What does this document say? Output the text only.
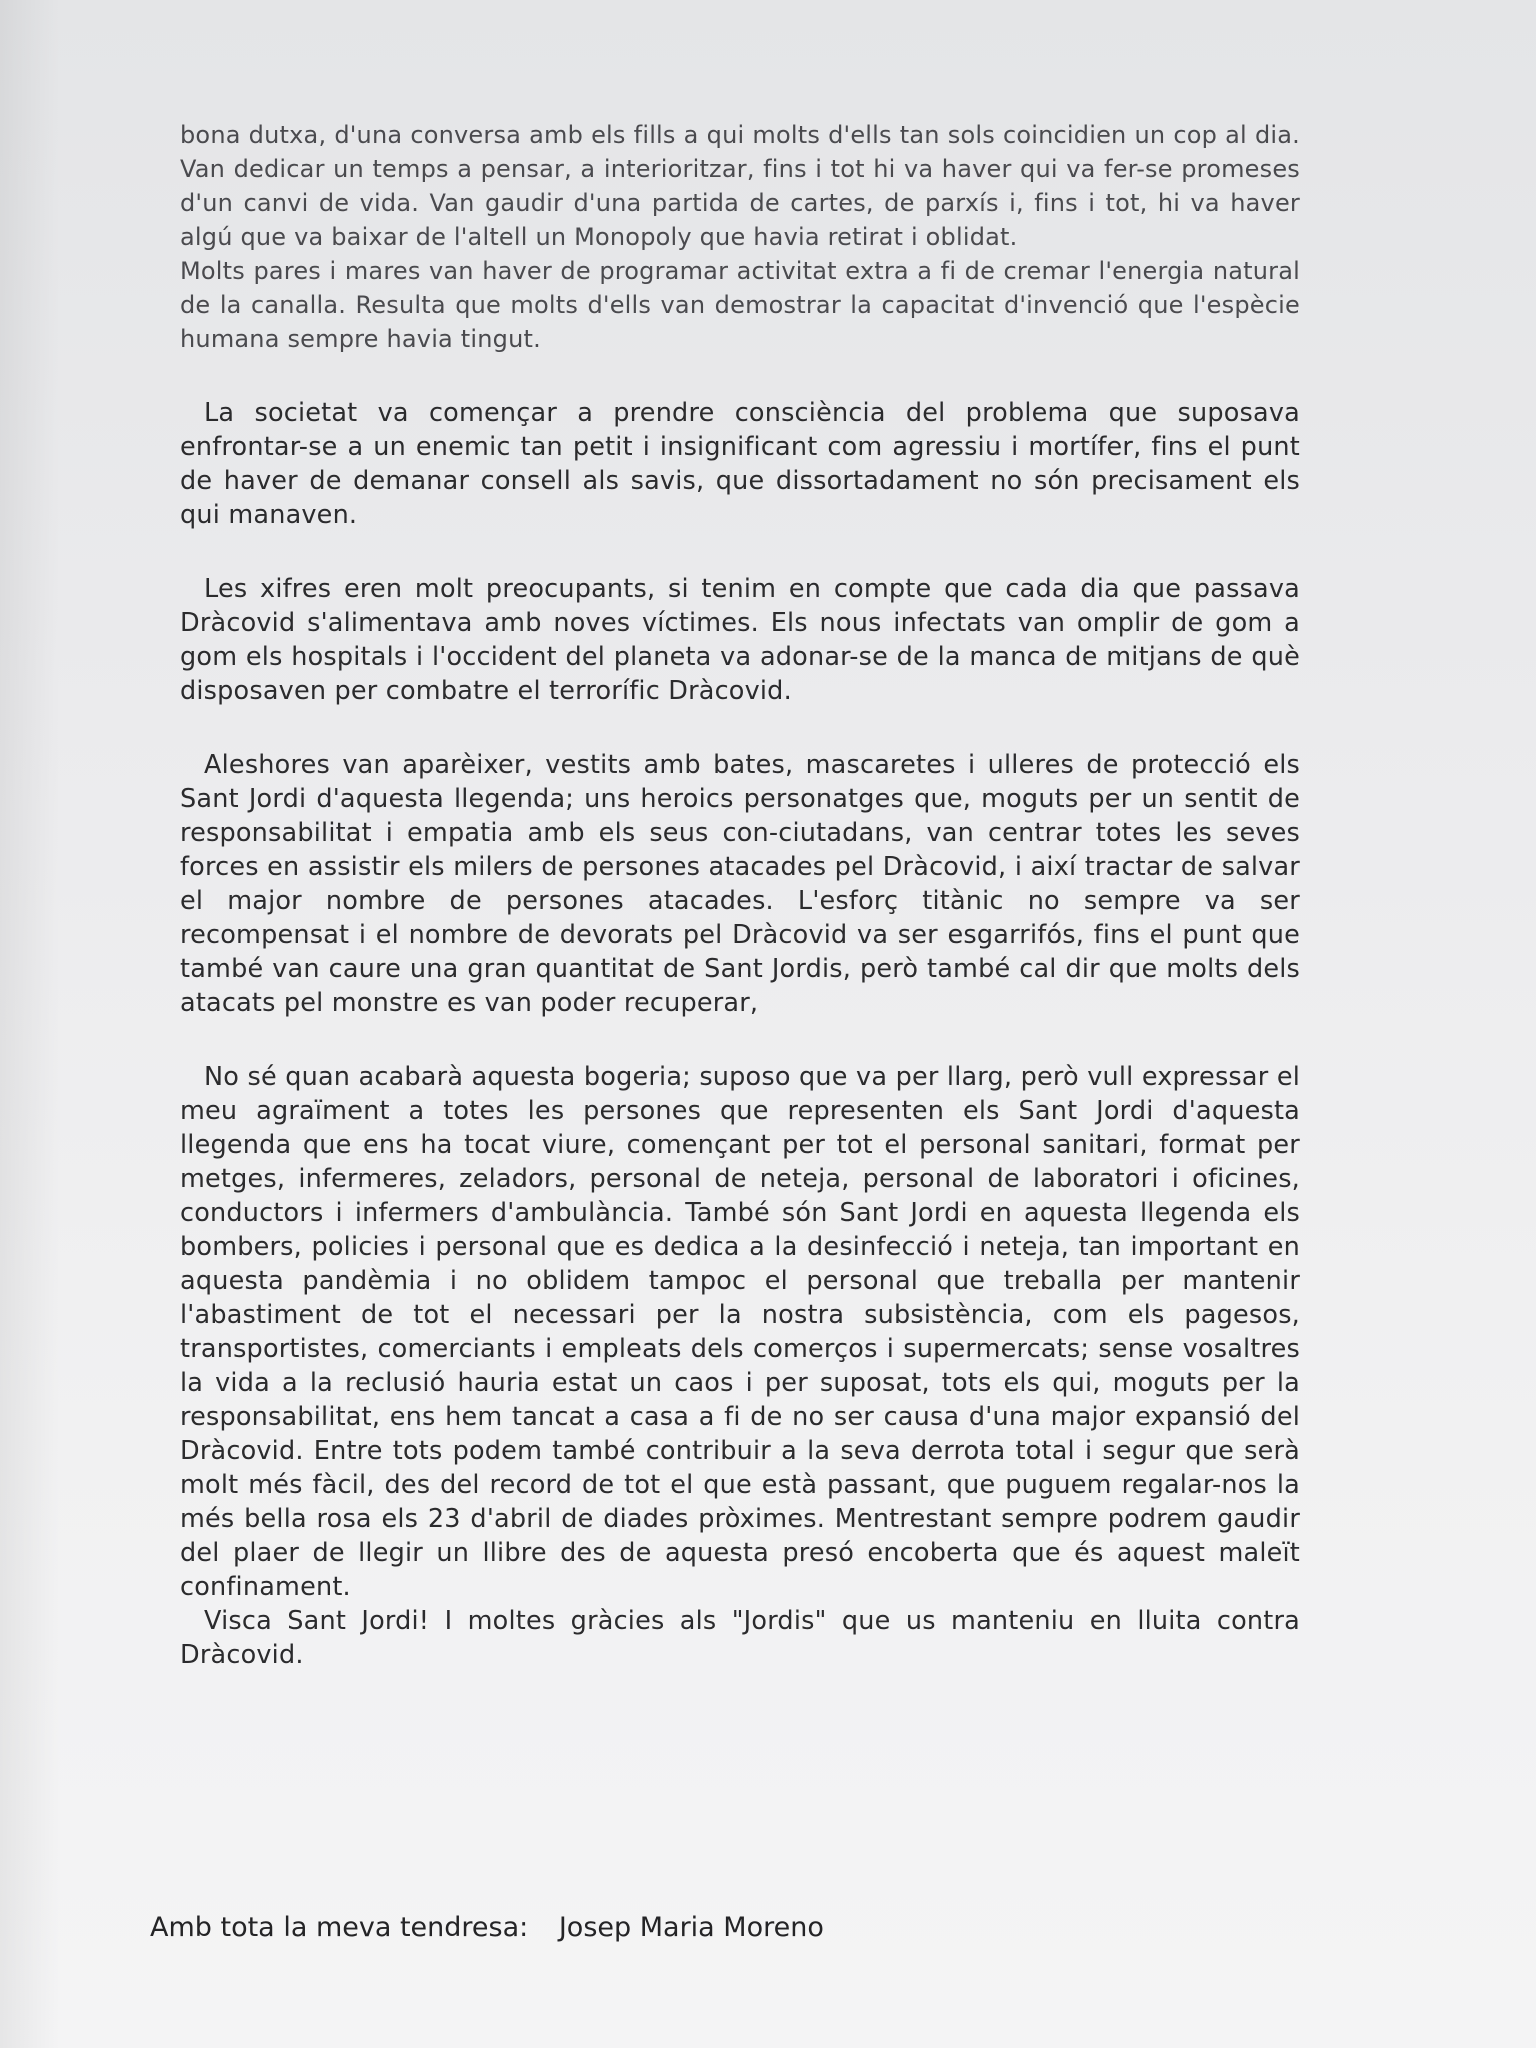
bona dutxa, d'una conversa amb els fills a qui molts d'ells tan sols coincidien un cop al dia. Van dedicar un temps a pensar, a interioritzar, fins i tot hi va haver qui va fer-se promeses d'un canvi de vida. Van gaudir d'una partida de cartes, de parxís i, fins i tot, hi va haver algú que va baixar de l'altell un Monopoly que havia retirat i oblidat.

Molts pares i mares van haver de programar activitat extra a fi de cremar l'energia natural de la canalla. Resulta que molts d'ells van demostrar la capacitat d'invenció que l'espècie humana sempre havia tingut.

La societat va començar a prendre consciència del problema que suposava enfrontar-se a un enemic tan petit i insignificant com agressiu i mortífer, fins el punt de haver de demanar consell als savis, que dissortadament no són precisament els qui manaven.

Les xifres eren molt preocupants, si tenim en compte que cada dia que passava Dràcovid s'alimentava amb noves víctimes. Els nous infectats van omplir de gom a gom els hospitals i l'occident del planeta va adonar-se de la manca de mitjans de què disposaven per combatre el terrorífic Dràcovid.

Aleshores van aparèixer, vestits amb bates, mascaretes i ulleres de protecció els Sant Jordi d'aquesta llegenda; uns heroics personatges que, moguts per un sentit de responsabilitat i empatia amb els seus con-ciutadans, van centrar totes les seves forces en assistir els milers de persones atacades pel Dràcovid, i així tractar de salvar el major nombre de persones atacades. L'esforç titànic no sempre va ser recompensat i el nombre de devorats pel Dràcovid va ser esgarrifós, fins el punt que també van caure una gran quantitat de Sant Jordis, però també cal dir que molts dels atacats pel monstre es van poder recuperar,

No sé quan acabarà aquesta bogeria; suposo que va per llarg, però vull expressar el meu agraïment a totes les persones que representen els Sant Jordi d'aquesta llegenda que ens ha tocat viure, començant per tot el personal sanitari, format per metges, infermeres, zeladors, personal de neteja, personal de laboratori i oficines, conductors i infermers d'ambulància. També són Sant Jordi en aquesta llegenda els bombers, policies i personal que es dedica a la desinfecció i neteja, tan important en aquesta pandèmia i no oblidem tampoc el personal que treballa per mantenir l'abastiment de tot el necessari per la nostra subsistència, com els pagesos, transportistes, comerciants i empleats dels comerços i supermercats; sense vosaltres la vida a la reclusió hauria estat un caos i per suposat, tots els qui, moguts per la responsabilitat, ens hem tancat a casa a fi de no ser causa d'una major expansió del Dràcovid. Entre tots podem també contribuir a la seva derrota total i segur que serà molt més fàcil, des del record de tot el que està passant, que puguem regalar-nos la més bella rosa els 23 d'abril de diades pròximes. Mentrestant sempre podrem gaudir del plaer de llegir un llibre des de aquesta presó encoberta que és aquest maleït confinament.

Visca Sant Jordi! I moltes gràcies als "Jordis" que us manteniu en lluita contra Dràcovid.

Amb tota la meva tendresa: Josep Maria Moreno
